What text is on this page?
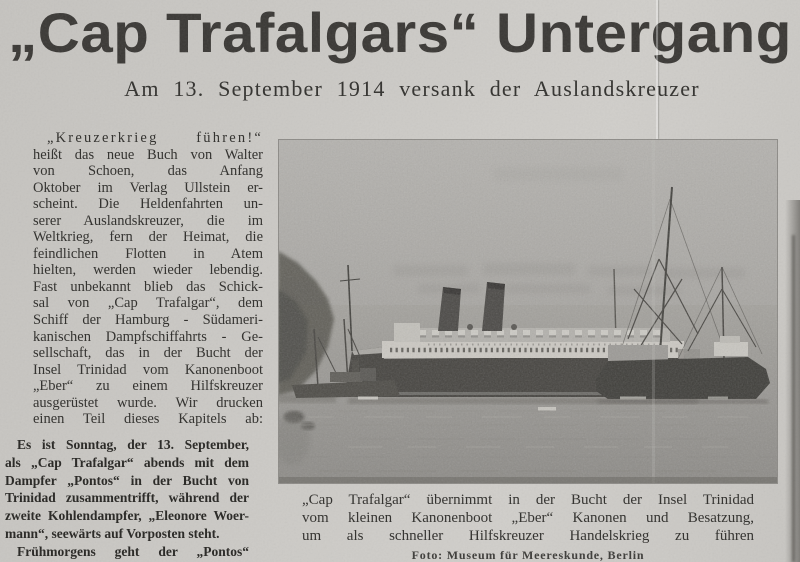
„Cap Trafalgars“ Untergang
Am 13. September 1914 versank der Auslandskreuzer
„Kreuzerkrieg führen!“
heißt das neue Buch von Walter
von Schoen, das Anfang
Oktober im Verlag Ullstein er-
scheint. Die Heldenfahrten un-
serer Auslandskreuzer, die im
Weltkrieg, fern der Heimat, die
feindlichen Flotten in Atem
hielten, werden wieder lebendig.
Fast unbekannt blieb das Schick-
sal von „Cap Trafalgar“, dem
Schiff der Hamburg - Südameri-
kanischen Dampfschiffahrts - Ge-
sellschaft, das in der Bucht der
Insel Trinidad vom Kanonenboot
„Eber“ zu einem Hilfskreuzer
ausgerüstet wurde. Wir drucken
einen Teil dieses Kapitels ab:
Es ist Sonntag, der 13. September,
als „Cap Trafalgar“ abends mit dem
Dampfer „Pontos“ in der Bucht von
Trinidad zusammentrifft, während der
zweite Kohlendampfer, „Eleonore Woer-
mann“, seewärts auf Vorposten steht.
Frühmorgens geht der „Pontos“
„Cap Trafalgar“ übernimmt in der Bucht der Insel Trinidad
vom kleinen Kanonenboot „Eber“ Kanonen und Besatzung,
um als schneller Hilfskreuzer Handelskrieg zu führen
Foto: Museum für Meereskunde, Berlin
